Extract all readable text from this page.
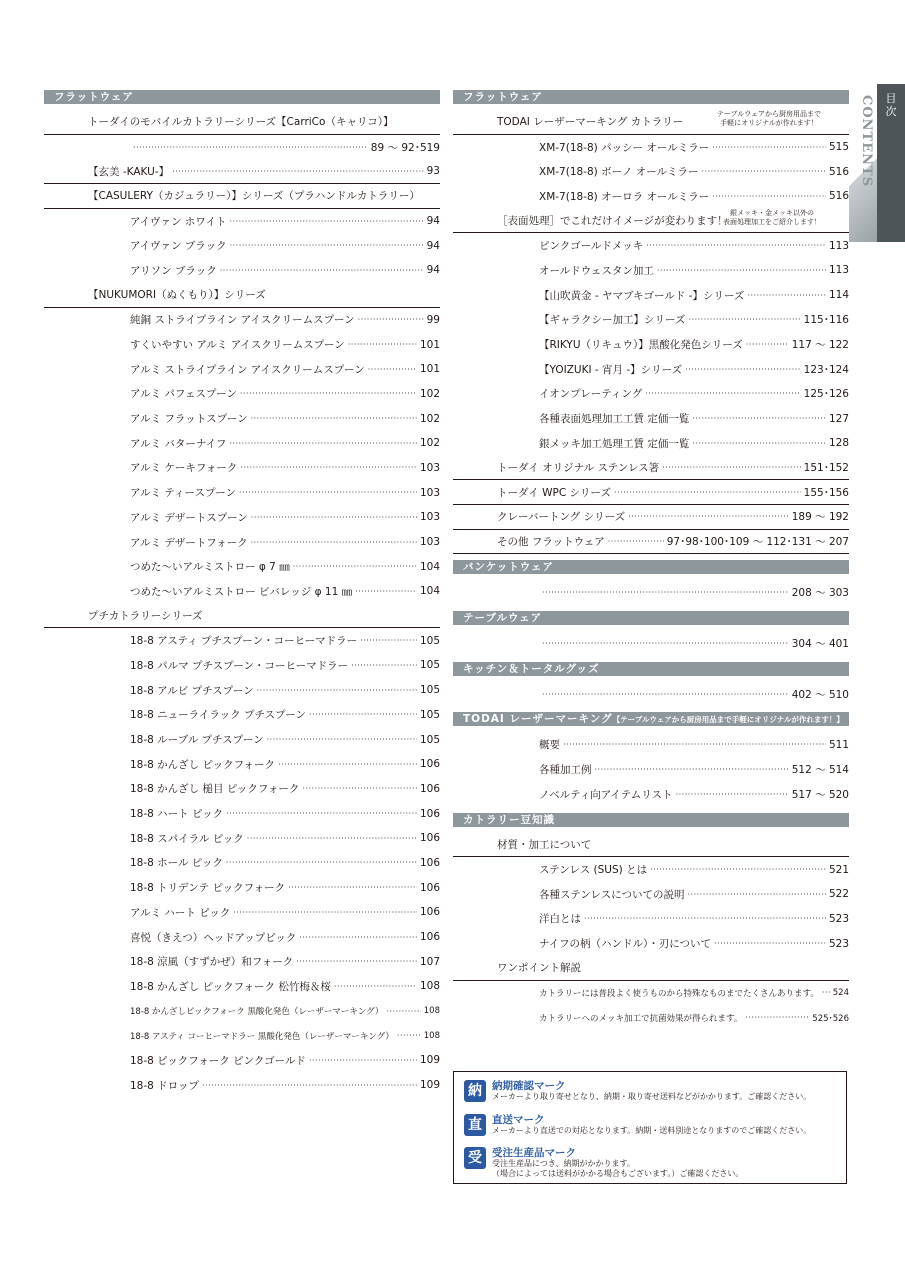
目次
CONTENTS
フラットウェア
トーダイのモバイルカトラリーシリーズ【CarriCo（キャリコ）】
·····
89 ～ 92･519
【玄美 -KAKU-】 ·····	93
【CASULERY（カジュラリー）】シリーズ（プラハンドルカトラリー）
アイヴァン ホワイト ·····	94
アイヴァン ブラック ·····	94
アリソン ブラック ·····	94
【NUKUMORI（ぬくもり）】シリーズ
純銅 ストライプライン アイスクリームスプーン ·····	99
すくいやすい アルミ アイスクリームスプーン ·····	101
アルミ ストライプライン アイスクリームスプーン ·····	101
アルミ パフェスプーン ·····	102
アルミ フラットスプーン ·····	102
アルミ バターナイフ ·····	102
アルミ ケーキフォーク ·····	103
アルミ ティースプーン ·····	103
アルミ デザートスプーン ·····	103
アルミ デザートフォーク ·····	103
つめた～いアルミストロー φ 7 ㎜ ·····	104
つめた～いアルミストロー ビバレッジ φ 11 ㎜ ·····	104
プチカトラリーシリーズ
18-8 アスティ プチスプーン・コーヒーマドラー ·····	105
18-8 パルマ プチスプーン・コーヒーマドラー ·····	105
18-8 アルビ プチスプーン ·····	105
18-8 ニューライラック プチスプーン ·····	105
18-8 ルーブル プチスプーン ·····	105
18-8 かんざし ピックフォーク ·····	106
18-8 かんざし 槌目 ピックフォーク ·····	106
18-8 ハート ピック ·····	106
18-8 スパイラル ピック ·····	106
18-8 ホール ピック ·····	106
18-8 トリデンテ ピックフォーク ·····	106
アルミ ハート ピック ·····	106
喜悦（きえつ）ヘッドアップピック ·····	106
18-8 涼風（すずかぜ）和フォーク ·····	107
18-8 かんざし ピックフォーク 松竹梅＆桜 ·····	108
18-8 かんざしピックフォーク 黒酸化発色（レーザーマーキング） ·····	108
18-8 アスティ コーヒーマドラー 黒酸化発色（レーザーマーキング） ·····	108
18-8 ピックフォーク ピンクゴールド ·····	109
18-8 ドロップ ·····	109
フラットウェア
TODAI レーザーマーキング カトラリー
テーブルウェアから厨房用品まで
手軽にオリジナルが作れます！
XM-7(18-8) パッシー オールミラー ·····	515
XM-7(18-8) ボーノ オールミラー ·····	516
XM-7(18-8) オーロラ オールミラー ·····	516
［表面処理］でこれだけイメージが変わります！
銀メッキ・金メッキ以外の
表面処理加工をご紹介します！
ピンクゴールドメッキ ·····	113
オールドウェスタン加工 ·····	113
【山吹黄金 - ヤマブキゴールド -】シリーズ ·····	114
【ギャラクシー加工】シリーズ ·····	115･116
【RIKYU（リキュウ）】黒酸化発色シリーズ ·····	117 ～ 122
【YOIZUKI - 宵月 -】シリーズ ·····	123･124
イオンプレーティング ·····	125･126
各種表面処理加工工賃 定価一覧 ·····	127
銀メッキ加工処理工賃 定価一覧 ·····	128
トーダイ オリジナル ステンレス箸 ·····	151･152
トーダイ WPC シリーズ ·····	155･156
クレーバートング シリーズ ·····	189 ～ 192
その他 フラットウェア ·····	97･98･100･109 ～ 112･131 ～ 207
バンケットウェア
·····
208 ～ 303
テーブルウェア
·····
304 ～ 401
キッチン＆トータルグッズ
·····
402 ～ 510
TODAI レーザーマーキング【テーブルウェアから厨房用品まで手軽にオリジナルが作れます！】
概要 ·····	511
各種加工例 ·····	512 ～ 514
ノベルティ向アイテムリスト ·····	517 ～ 520
カトラリー豆知識
材質・加工について
ステンレス (SUS) とは ·····	521
各種ステンレスについての説明 ·····	522
洋白とは ·····	523
ナイフの柄（ハンドル）・刃について ·····	523
ワンポイント解説
カトラリーには普段よく使うものから特殊なものまでたくさんあります。 ····· 524
カトラリーへのメッキ加工で抗菌効果が得られます。 ·····	525･526
納 納期確認マーク
メーカーより取り寄せとなり、納期・取り寄せ送料などがかかります。ご確認ください。
直 直送マーク
メーカーより直送での対応となります。納期・送料別途となりますのでご確認ください。
受 受注生産品マーク
受注生産品につき、納期がかかります。
（場合によっては送料がかかる場合もございます。）ご確認ください。
